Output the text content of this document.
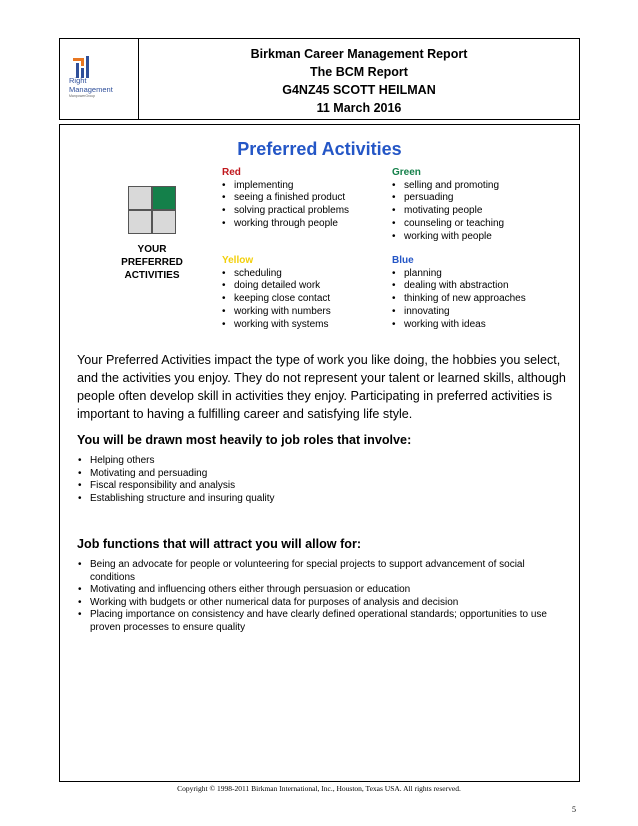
Right
Management
ManpowerGroup
Birkman Career Management Report
The BCM Report
G4NZ45 SCOTT HEILMAN
11 March 2016
Preferred Activities
YOUR
PREFERRED
ACTIVITIES
Red
• implementing
• seeing a finished product
• solving practical problems
• working through people
Green
• selling and promoting
• persuading
• motivating people
• counseling or teaching
• working with people
Yellow
• scheduling
• doing detailed work
• keeping close contact
• working with numbers
• working with systems
Blue
• planning
• dealing with abstraction
• thinking of new approaches
• innovating
• working with ideas
Your Preferred Activities impact the type of work you like doing, the hobbies you select, and the activities you enjoy. They do not represent your talent or learned skills, although people often develop skill in activities they enjoy. Participating in preferred activities is important to having a fulfilling career and satisfying life style.
You will be drawn most heavily to job roles that involve:
• Helping others
• Motivating and persuading
• Fiscal responsibility and analysis
• Establishing structure and insuring quality
Job functions that will attract you will allow for:
• Being an advocate for people or volunteering for special projects to support advancement of social conditions
• Motivating and influencing others either through persuasion or education
• Working with budgets or other numerical data for purposes of analysis and decision
• Placing importance on consistency and have clearly defined operational standards; opportunities to use proven processes to ensure quality
Copyright © 1998-2011 Birkman International, Inc., Houston, Texas USA. All rights reserved.
5
